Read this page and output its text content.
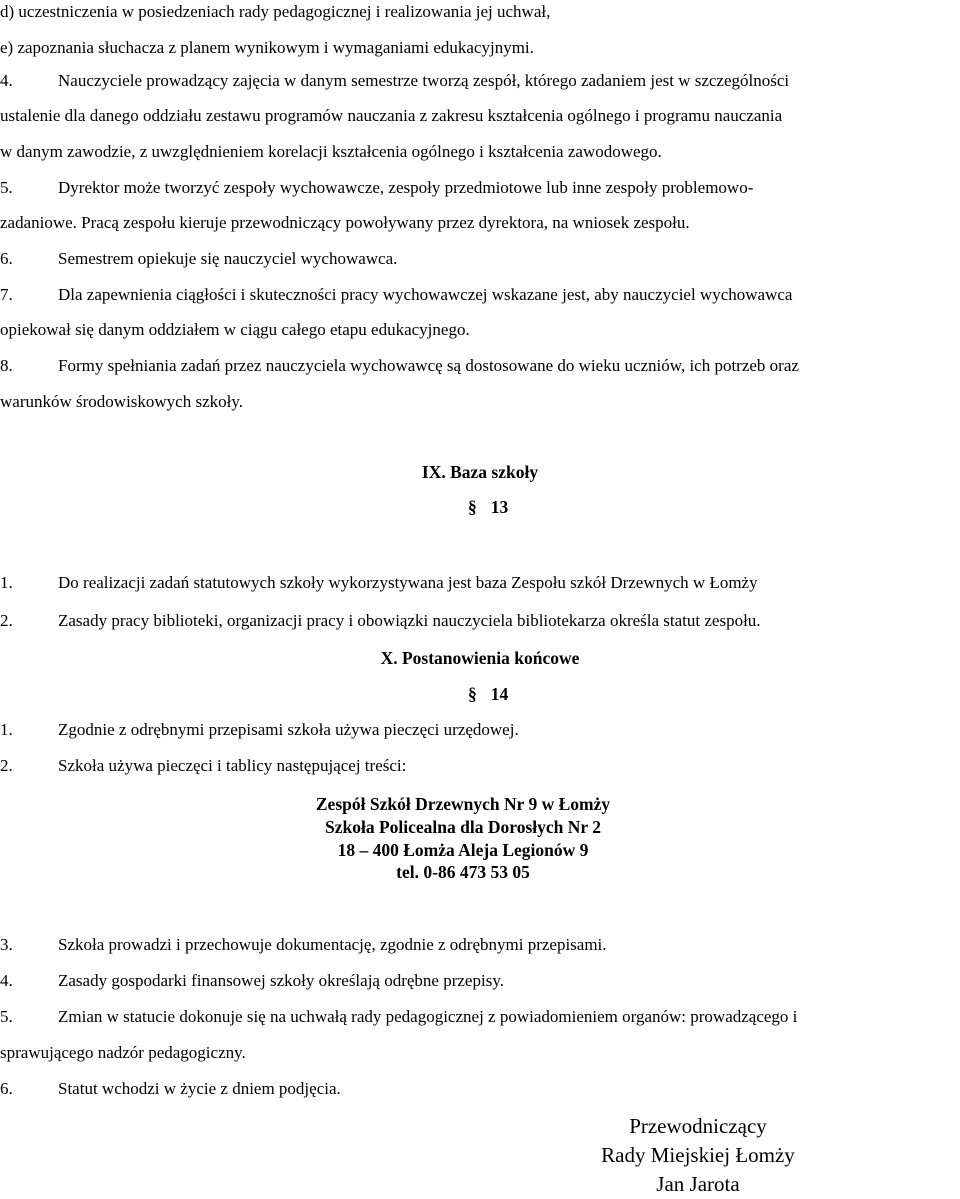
d) uczestniczenia w posiedzeniach rady pedagogicznej i realizowania jej uchwał,
e) zapoznania słuchacza z planem wynikowym i wymaganiami edukacyjnymi.
4.	Nauczyciele prowadzący zajęcia w danym semestrze tworzą zespół, którego zadaniem jest w szczególności
ustalenie dla danego oddziału zestawu programów nauczania z zakresu kształcenia ogólnego i programu nauczania
w danym zawodzie, z uwzględnieniem korelacji kształcenia ogólnego i kształcenia zawodowego.
5.	Dyrektor może tworzyć zespoły wychowawcze, zespoły przedmiotowe lub inne zespoły problemowo-
zadaniowe. Pracą zespołu kieruje przewodniczący powoływany przez dyrektora, na wniosek zespołu.
6.	Semestrem opiekuje się nauczyciel wychowawca.
7.	Dla zapewnienia ciągłości i skuteczności pracy wychowawczej wskazane jest, aby nauczyciel wychowawca
opiekował się danym oddziałem w ciągu całego etapu edukacyjnego.
8.	Formy spełniania zadań przez nauczyciela wychowawcę są dostosowane do wieku uczniów, ich potrzeb oraz
warunków środowiskowych szkoły.
IX. Baza szkoły
§ 13
1.	Do realizacji zadań statutowych szkoły wykorzystywana jest baza Zespołu szkół Drzewnych w Łomży
2.	Zasady pracy biblioteki, organizacji pracy i obowiązki nauczyciela bibliotekarza określa statut zespołu.
X. Postanowienia końcowe
§ 14
1.	Zgodnie z odrębnymi przepisami szkoła używa pieczęci urzędowej.
2.	Szkoła używa pieczęci i tablicy następującej treści:
Zespół Szkół Drzewnych Nr 9 w Łomży
Szkoła Policealna dla Dorosłych Nr 2
18 – 400 Łomża Aleja Legionów 9
tel. 0-86 473 53 05
3.	Szkoła prowadzi i przechowuje dokumentację, zgodnie z odrębnymi przepisami.
4.	Zasady gospodarki finansowej szkoły określają odrębne przepisy.
5.	Zmian w statucie dokonuje się na uchwałą rady pedagogicznej z powiadomieniem organów: prowadzącego i
sprawującego nadzór pedagogiczny.
6.	Statut wchodzi w życie z dniem podjęcia.
Przewodniczący
Rady Miejskiej Łomży
Jan Jarota
